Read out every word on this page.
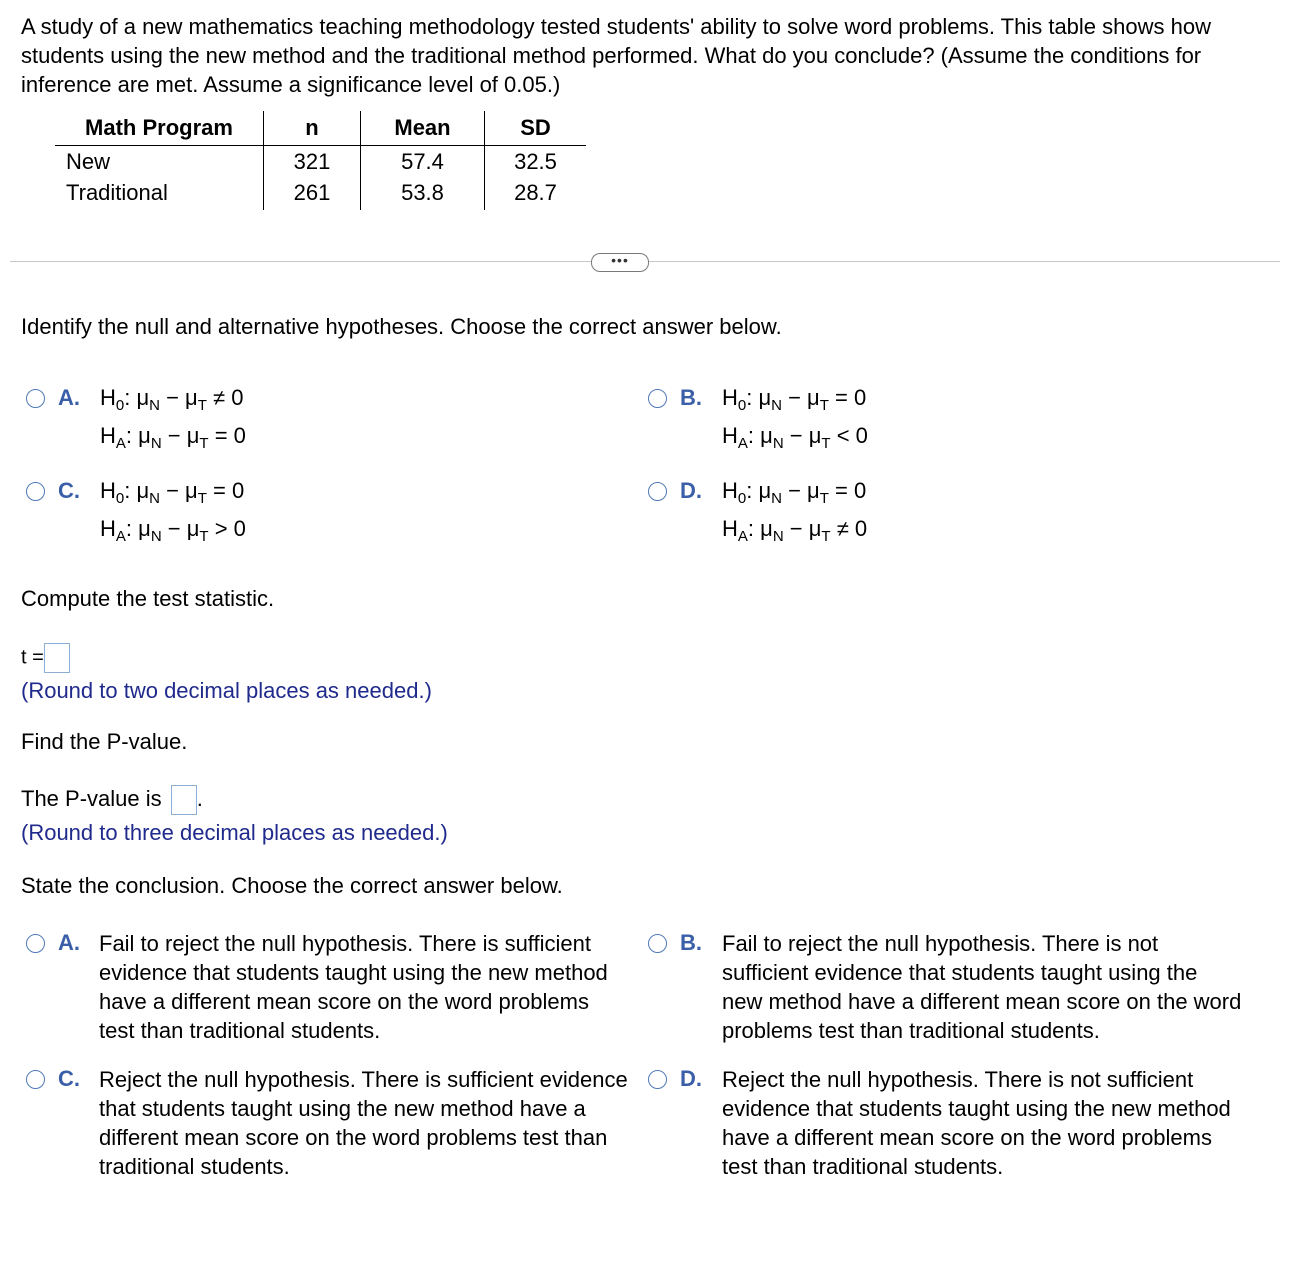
A study of a new mathematics teaching methodology tested students' ability to solve word problems. This table shows how students using the new method and the traditional method performed. What do you conclude? (Assume the conditions for inference are met. Assume a significance level of 0.05.)

Math Program	n	Mean	SD
New	321	57.4	32.5
Traditional	261	53.8	28.7
•••
Identify the null and alternative hypotheses. Choose the correct answer below.
A. $H_0$: $\mu_N - \mu_T \ne 0$
$H_A$: $\mu_N - \mu_T = 0$
B. $H_0$: $\mu_N - \mu_T = 0$
$H_A$: $\mu_N - \mu_T < 0$
C. $H_0$: $\mu_N - \mu_T = 0$
$H_A$: $\mu_N - \mu_T > 0$
D. $H_0$: $\mu_N - \mu_T = 0$
$H_A$: $\mu_N - \mu_T \ne 0$
Compute the test statistic.
t =
(Round to two decimal places as needed.)
Find the P-value.
The P-value is .
(Round to three decimal places as needed.)
State the conclusion. Choose the correct answer below.
A. Fail to reject the null hypothesis. There is sufficient evidence that students taught using the new method have a different mean score on the word problems test than traditional students.
B. Fail to reject the null hypothesis. There is not sufficient evidence that students taught using the new method have a different mean score on the word problems test than traditional students.
C. Reject the null hypothesis. There is sufficient evidence that students taught using the new method have a different mean score on the word problems test than traditional students.
D. Reject the null hypothesis. There is not sufficient evidence that students taught using the new method have a different mean score on the word problems test than traditional students.
